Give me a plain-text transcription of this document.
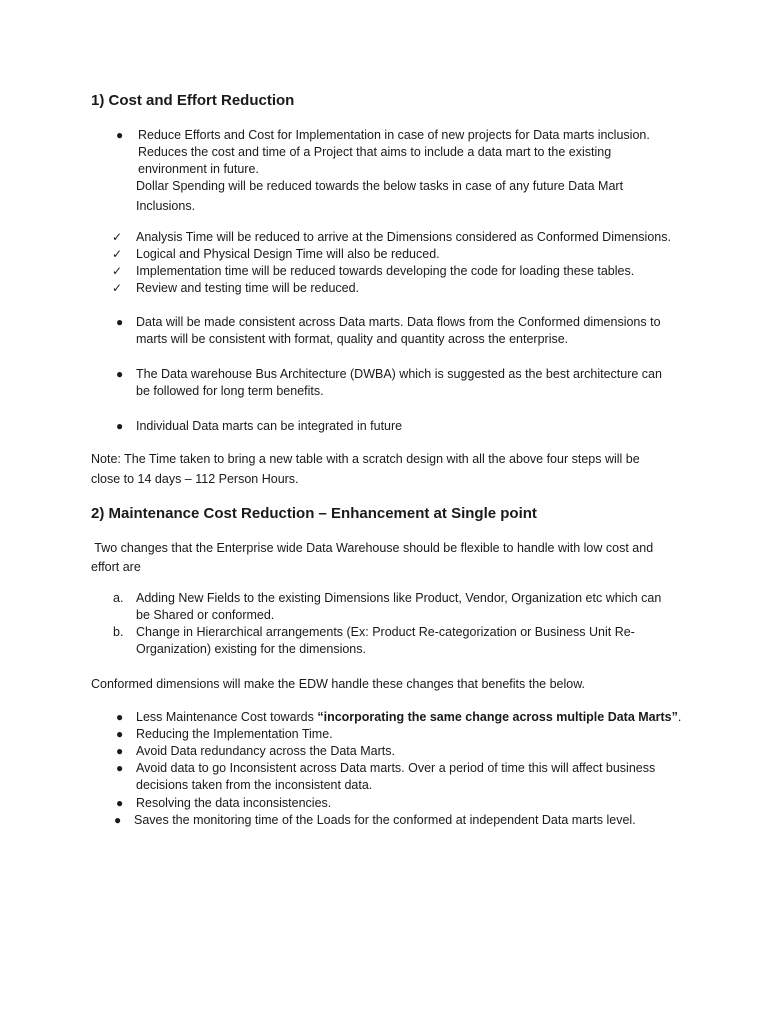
1) Cost and Effort Reduction
● Reduce Efforts and Cost for Implementation in case of new projects for Data marts inclusion.
Reduces the cost and time of a Project that aims to include a data mart to the existing
environment in future.
Dollar Spending will be reduced towards the below tasks in case of any future Data Mart
Inclusions.
✓ Analysis Time will be reduced to arrive at the Dimensions considered as Conformed Dimensions.
✓ Logical and Physical Design Time will also be reduced.
✓ Implementation time will be reduced towards developing the code for loading these tables.
✓ Review and testing time will be reduced.
● Data will be made consistent across Data marts. Data flows from the Conformed dimensions to
marts will be consistent with format, quality and quantity across the enterprise.
● The Data warehouse Bus Architecture (DWBA) which is suggested as the best architecture can
be followed for long term benefits.
● Individual Data marts can be integrated in future
Note: The Time taken to bring a new table with a scratch design with all the above four steps will be
close to 14 days – 112 Person Hours.
2) Maintenance Cost Reduction – Enhancement at Single point
Two changes that the Enterprise wide Data Warehouse should be flexible to handle with low cost and
effort are
a. Adding New Fields to the existing Dimensions like Product, Vendor, Organization etc which can
be Shared or conformed.
b. Change in Hierarchical arrangements (Ex: Product Re-categorization or Business Unit Re-
Organization) existing for the dimensions.
Conformed dimensions will make the EDW handle these changes that benefits the below.
● Less Maintenance Cost towards “incorporating the same change across multiple Data Marts”.
● Reducing the Implementation Time.
● Avoid Data redundancy across the Data Marts.
● Avoid data to go Inconsistent across Data marts. Over a period of time this will affect business
decisions taken from the inconsistent data.
● Resolving the data inconsistencies.
● Saves the monitoring time of the Loads for the conformed at independent Data marts level.
